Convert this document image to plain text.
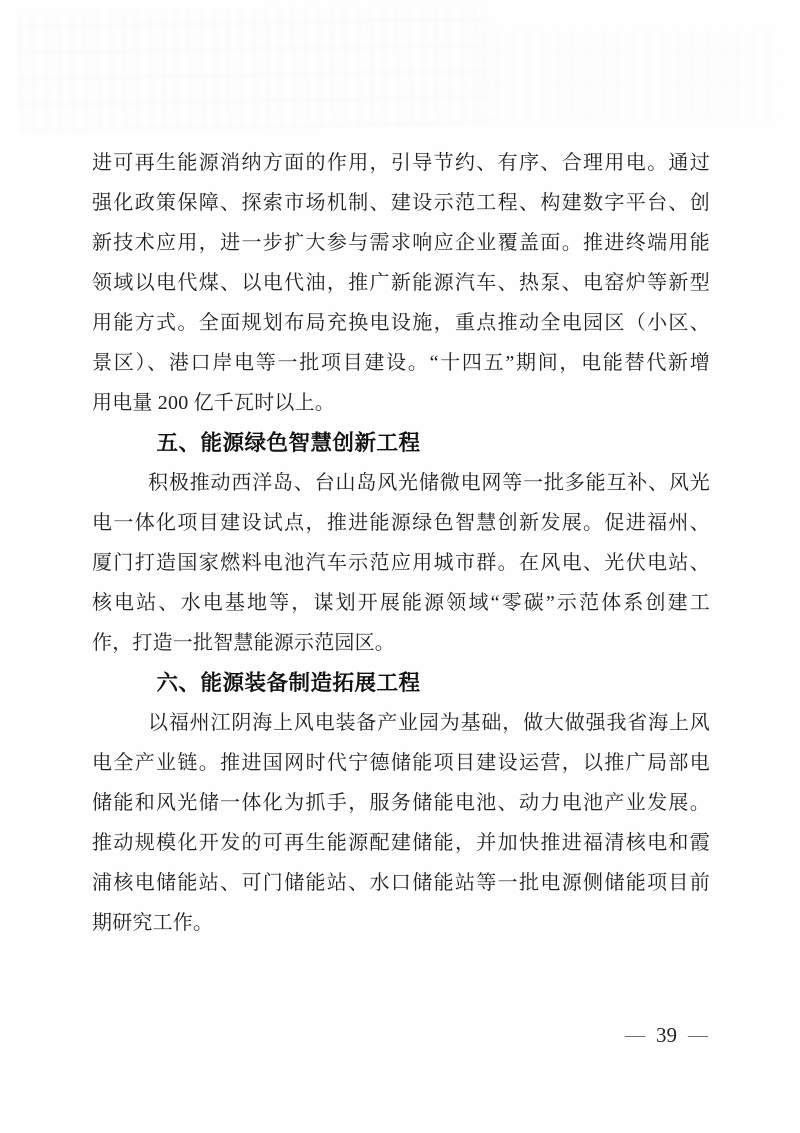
进可再生能源消纳方面的作用，引导节约、有序、合理用电。通过
强化政策保障、探索市场机制、建设示范工程、构建数字平台、创
新技术应用，进一步扩大参与需求响应企业覆盖面。推进终端用能
领域以电代煤、以电代油，推广新能源汽车、热泵、电窑炉等新型
用能方式。全面规划布局充换电设施，重点推动全电园区（小区、
景区）、港口岸电等一批项目建设。“十四五”期间，电能替代新增
用电量 200 亿千瓦时以上。
五、能源绿色智慧创新工程
积极推动西洋岛、台山岛风光储微电网等一批多能互补、风光
电一体化项目建设试点，推进能源绿色智慧创新发展。促进福州、
厦门打造国家燃料电池汽车示范应用城市群。在风电、光伏电站、
核电站、水电基地等，谋划开展能源领域“零碳”示范体系创建工
作，打造一批智慧能源示范园区。
六、能源装备制造拓展工程
以福州江阴海上风电装备产业园为基础，做大做强我省海上风
电全产业链。推进国网时代宁德储能项目建设运营，以推广局部电
储能和风光储一体化为抓手，服务储能电池、动力电池产业发展。
推动规模化开发的可再生能源配建储能，并加快推进福清核电和霞
浦核电储能站、可门储能站、水口储能站等一批电源侧储能项目前
期研究工作。
— 39 —
